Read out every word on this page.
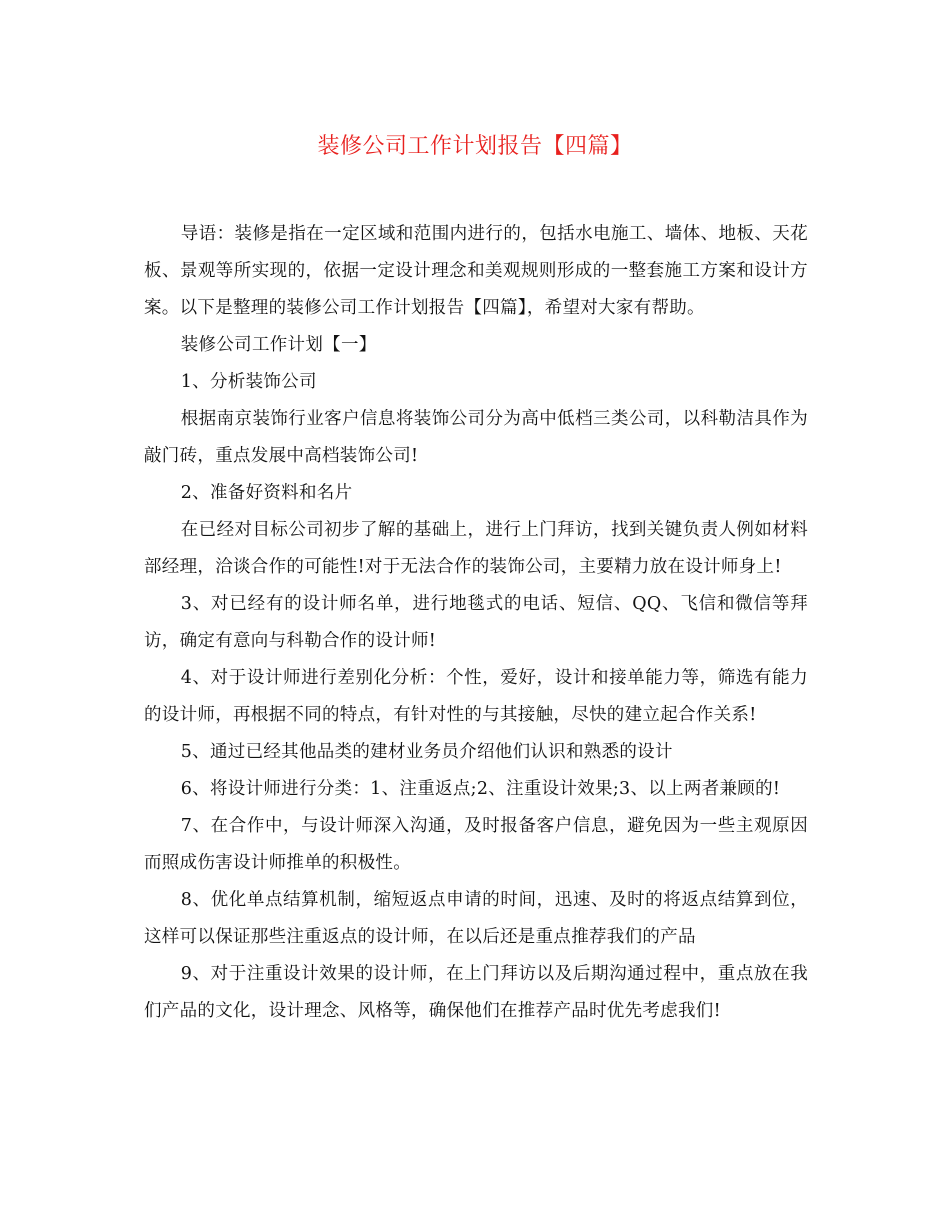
装修公司工作计划报告【四篇】

导语：装修是指在一定区域和范围内进行的，包括水电施工、墙体、地板、天花板、景观等所实现的，依据一定设计理念和美观规则形成的一整套施工方案和设计方案。以下是整理的装修公司工作计划报告【四篇】，希望对大家有帮助。

装修公司工作计划【一】

1、分析装饰公司

根据南京装饰行业客户信息将装饰公司分为高中低档三类公司，以科勒洁具作为敲门砖，重点发展中高档装饰公司!

2、准备好资料和名片

在已经对目标公司初步了解的基础上，进行上门拜访，找到关键负责人例如材料部经理，洽谈合作的可能性!对于无法合作的装饰公司，主要精力放在设计师身上!

3、对已经有的设计师名单，进行地毯式的电话、短信、QQ、飞信和微信等拜访，确定有意向与科勒合作的设计师!

4、对于设计师进行差别化分析：个性，爱好，设计和接单能力等，筛选有能力的设计师，再根据不同的特点，有针对性的与其接触，尽快的建立起合作关系!

5、通过已经其他品类的建材业务员介绍他们认识和熟悉的设计

6、将设计师进行分类：1、注重返点;2、注重设计效果;3、以上两者兼顾的!

7、在合作中，与设计师深入沟通，及时报备客户信息，避免因为一些主观原因而照成伤害设计师推单的积极性。

8、优化单点结算机制，缩短返点申请的时间，迅速、及时的将返点结算到位，这样可以保证那些注重返点的设计师，在以后还是重点推荐我们的产品

9、对于注重设计效果的设计师，在上门拜访以及后期沟通过程中，重点放在我们产品的文化，设计理念、风格等，确保他们在推荐产品时优先考虑我们!
